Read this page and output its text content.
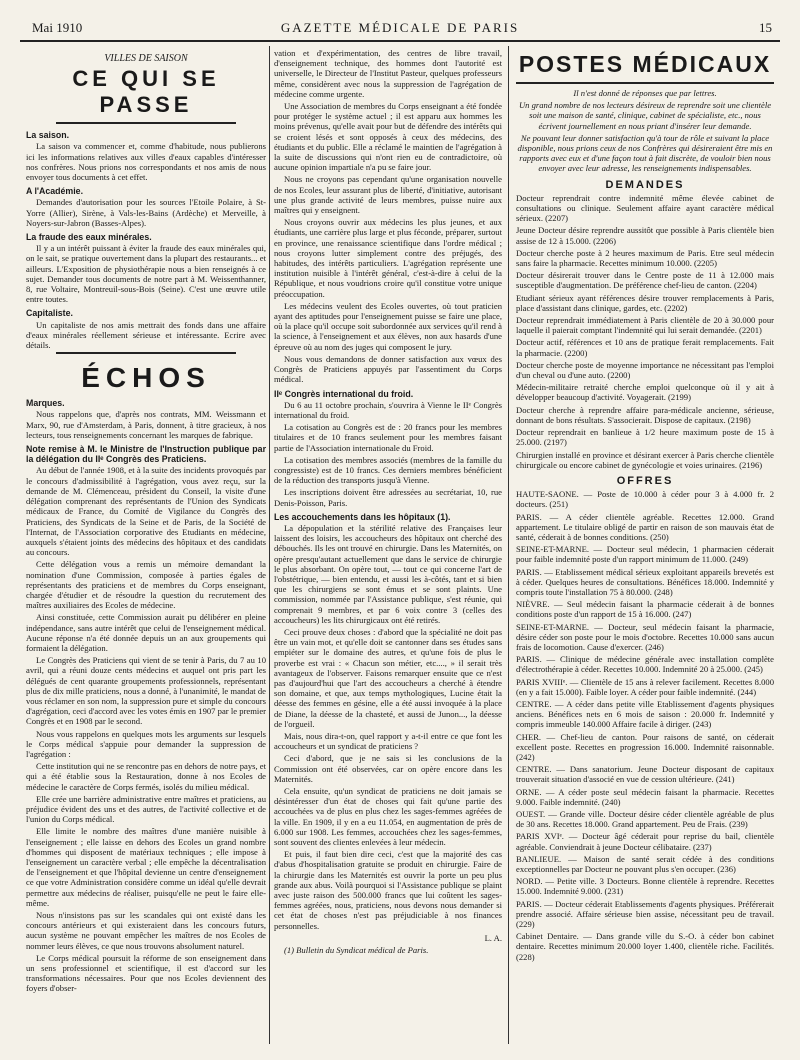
Mai 1910	GAZETTE MÉDICALE DE PARIS	15
VILLES DE SAISON
CE QUI SE PASSE
La saison.

La saison va commencer et, comme d'habitude, nous publierons ici les informations relatives aux villes d'eaux capables d'intéresser nos confrères. Nous prions nos correspondants et nos amis de nous envoyer tous documents à cet effet.

A l'Académie.

Demandes d'autorisation pour les sources l'Etoile Polaire, à St-Yorre (Allier), Sirène, à Vals-les-Bains (Ardèche) et Merveille, à Noyers-sur-Jabron (Basses-Alpes).

La fraude des eaux minérales.

Il y a un intérêt puissant à éviter la fraude des eaux minérales qui, on le sait, se pratique ouvertement dans la plupart des restaurants... et ailleurs. L'Exposition de physiothérapie nous a bien renseignés à ce sujet. Demander tous documents de notre part à M. Weissenthanner, 8, rue Voltaire, Montreuil-sous-Bois (Seine). C'est une œuvre utile entre toutes.

Capitaliste.

Un capitaliste de nos amis mettrait des fonds dans une affaire d'eaux minérales réellement sérieuse et intéressante. Ecrire avec détails.

ÉCHOS
Marques.

Nous rappelons que, d'après nos contrats, MM. Weissmann et Marx, 90, rue d'Amsterdam, à Paris, donnent, à titre gracieux, à nos lecteurs, tous renseignements concernant les marques de fabrique.

Note remise à M. le Ministre de l'Instruction publique par la délégation du IIᵉ Congrès des Praticiens.

Au début de l'année 1908, et à la suite des incidents provoqués par le concours d'admissibilité à l'agrégation, vous avez reçu, sur la demande de M. Clémenceau, président du Conseil, la visite d'une délégation comprenant des représentants de l'Union des Syndicats médicaux de France, du Comité de Vigilance du Congrès des Praticiens, des Syndicats de la Seine et de Paris, de la Société de l'Internat, de l'Association corporative des Etudiants en médecine, auxquels s'étaient joints des médecins des hôpitaux et des candidats au concours.

Cette délégation vous a remis un mémoire demandant la nomination d'une Commission, composée à parties égales de représentants des praticiens et de membres du Corps enseignant, chargée d'étudier et de résoudre la question du recrutement des maîtres auxiliaires des Ecoles de médecine.

Ainsi constituée, cette Commission aurait pu délibérer en pleine indépendance, sans autre intérêt que celui de l'enseignement médical. Aucune réponse n'a été donnée depuis un an aux groupements qui formaient la délégation.

Le Congrès des Praticiens qui vient de se tenir à Paris, du 7 au 10 avril, qui a réuni douze cents médecins et auquel ont pris part les délégués de cent quarante groupements professionnels, représentant plus de dix mille praticiens, nous a donné, à l'unanimité, le mandat de vous réclamer en son nom, la suppression pure et simple du concours d'agrégation, ceci d'accord avec les votes émis en 1907 par le premier Congrès et en 1908 par le second.

Nous vous rappelons en quelques mots les arguments sur lesquels le Corps médical s'appuie pour demander la suppression de l'agrégation :

Cette institution qui ne se rencontre pas en dehors de notre pays, et qui a été établie sous la Restauration, donne à nos Ecoles de médecine le caractère de Corps fermés, isolés du milieu médical.

Elle crée une barrière administrative entre maîtres et praticiens, au préjudice évident des uns et des autres, de l'activité collective et de l'union du Corps médical.

Elle limite le nombre des maîtres d'une manière nuisible à l'enseignement ; elle laisse en dehors des Ecoles un grand nombre d'hommes qui disposent de matériaux techniques ; elle impose à l'enseignement un caractère verbal ; elle empêche la décentralisation de l'enseignement et que l'hôpital devienne un centre d'enseignement ce que votre Administration considère comme un idéal qu'elle devrait permettre aux médecins de réaliser, puisqu'elle ne peut le faire elle-même.

Nous n'insistons pas sur les scandales qui ont existé dans les concours antérieurs et qui existeraient dans les concours futurs, aucun système ne pouvant empêcher les maîtres de nos Ecoles de nommer leurs élèves, ce que nous trouvons absolument naturel.

Le Corps médical poursuit la réforme de son enseignement dans un sens professionnel et scientifique, il est d'accord sur les transformations nécessaires. Pour que nos Ecoles deviennent des foyers d'obser-

vation et d'expérimentation, des centres de libre travail, d'enseignement technique, des hommes dont l'autorité est universelle, le Directeur de l'Institut Pasteur, quelques professeurs même, considèrent avec nous la suppression de l'agrégation de médecine comme urgente.

Une Association de membres du Corps enseignant a été fondée pour protéger le système actuel ; il est apparu aux hommes les moins prévenus, qu'elle avait pour but de défendre des intérêts qui se croient lésés et sont opposés à ceux des médecins, des étudiants et du public. Elle a réclamé le maintien de l'agrégation à la suite de discussions qui n'ont rien eu de contradictoire, où aucune opinion impartiale n'a pu se faire jour.

Nous ne croyons pas cependant qu'une organisation nouvelle de nos Ecoles, leur assurant plus de liberté, d'initiative, autorisant une plus grande activité de leurs membres, puisse nuire aux maîtres qui y enseignent.

Nous croyons ouvrir aux médecins les plus jeunes, et aux étudiants, une carrière plus large et plus féconde, préparer, surtout en province, une renaissance scientifique dans l'ordre médical ; nous croyons lutter simplement contre des préjugés, des habitudes, des intérêts particuliers. L'agrégation représente une institution nuisible à l'intérêt général, c'est-à-dire à celui de la République, et nous voudrions croire qu'il constitue votre unique préoccupation.

Les médecins veulent des Ecoles ouvertes, où tout praticien ayant des aptitudes pour l'enseignement puisse se faire une place, où la place qu'il occupe soit subordonnée aux services qu'il rend à la science, à l'enseignement et aux élèves, non aux hasards d'une épreuve où au nom des juges qui composent le jury.

Nous vous demandons de donner satisfaction aux vœux des Congrès de Praticiens appuyés par l'assentiment du Corps médical.

IIᵉ Congrès international du froid.

Du 6 au 11 octobre prochain, s'ouvrira à Vienne le IIᵉ Congrès international du froid.

La cotisation au Congrès est de : 20 francs pour les membres titulaires et de 10 francs seulement pour les membres faisant partie de l'Association internationale du Froid.

La cotisation des membres associés (membres de la famille du congressiste) est de 10 francs. Ces derniers membres bénéficient de la réduction des transports jusqu'à Vienne.

Les inscriptions doivent être adressées au secrétariat, 10, rue Denis-Poisson, Paris.

Les accouchements dans les hôpitaux (1).

La dépopulation et la stérilité relative des Françaises leur laissent des loisirs, les accoucheurs des hôpitaux ont cherché des débouchés. Ils les ont trouvé en chirurgie. Dans les Maternités, on opère presqu'autant actuellement que dans le service de chirurgie le plus absorbant. On opère tout, — tout ce qui concerne l'art de l'obstétrique, — bien entendu, et aussi les à-côtés, tant et si bien que les chirurgiens se sont émus et se sont plaints. Une commission, nommée par l'Assistance publique, s'est réunie, qui comprenait 9 membres, et par 6 voix contre 3 (celles des accoucheurs) les lits chirurgicaux ont été retirés.

Ceci prouve deux choses : d'abord que la spécialité ne doit pas être un vain mot, et qu'elle doit se cantonner dans ses études sans empiéter sur le domaine des autres, et qu'une fois de plus le proverbe est vrai : « Chacun son métier, etc...., » il serait très avantageux de l'observer. Faisons remarquer ensuite que ce n'est pas d'aujourd'hui que l'art des accoucheurs a cherché à étendre son domaine, et que, aux temps mythologiques, Lucine était la déesse des femmes en gésine, elle a été aussi invoquée à la place de Diane, la déesse de la chasteté, et aussi de Junon..., la déesse de l'orgueil.

Mais, nous dira-t-on, quel rapport y a-t-il entre ce que font les accoucheurs et un syndicat de praticiens ?

Ceci d'abord, que je ne sais si les conclusions de la Commission ont été observées, car on opère encore dans les Maternités.

Cela ensuite, qu'un syndicat de praticiens ne doit jamais se désintéresser d'un état de choses qui fait qu'une partie des accouchées va de plus en plus chez les sages-femmes agréées de la ville. En 1909, il y en a eu 11.054, en augmentation de près de 6.000 sur 1908. Les femmes, accouchées chez les sages-femmes, sont souvent des clientes enlevées à leur médecin.

Et puis, il faut bien dire ceci, c'est que la majorité des cas d'abus d'hospitalisation gratuite se produit en chirurgie. Faire de la chirurgie dans les Maternités est ouvrir la porte un peu plus grande aux abus. Voilà pourquoi si l'Assistance publique se plaint avec juste raison des 500.000 francs que lui coûtent les sages-femmes agréées, nous, praticiens, nous devons nous demander si cet état de choses n'est pas préjudiciable à nos finances personnelles.

L. A.

(1) Bulletin du Syndicat médical de Paris.

POSTES MÉDICAUX

Il n'est donné de réponses que par lettres.

Un grand nombre de nos lecteurs désireux de reprendre soit une clientèle soit une maison de santé, clinique, cabinet de spécialiste, etc., nous écrivent journellement en nous priant d'insérer leur demande.

Ne pouvant leur donner satisfaction qu'à tour de rôle et suivant la place disponible, nous prions ceux de nos Confrères qui désireraient être mis en rapports avec eux et d'une façon tout à fait discrète, de vouloir bien nous envoyer avec leur adresse, les renseignements indispensables.

DEMANDES

Docteur reprendrait contre indemnité même élevée cabinet de consultations ou clinique. Seulement affaire ayant caractère médical sérieux. (2207)

Jeune Docteur désire reprendre aussitôt que possible à Paris clientèle bien assise de 12 à 15.000. (2206)

Docteur cherche poste à 2 heures maximum de Paris. Etre seul médecin sans faire la pharmacie. Recettes minimum 10.000. (2205)

Docteur désirerait trouver dans le Centre poste de 11 à 12.000 mais susceptible d'augmentation. De préférence chef-lieu de canton. (2204)

Etudiant sérieux ayant références désire trouver remplacements à Paris, place d'assistant dans clinique, gardes, etc. (2202)

Docteur reprendrait immédiatement à Paris clientèle de 20 à 30.000 pour laquelle il paierait comptant l'indemnité qui lui serait demandée. (2201)

Docteur actif, références et 10 ans de pratique ferait remplacements. Fait la pharmacie. (2200)

Docteur cherche poste de moyenne importance ne nécessitant pas l'emploi d'un cheval ou d'une auto. (2200)

Médecin-militaire retraité cherche emploi quelconque où il y ait à développer beaucoup d'activité. Voyagerait. (2199)

Docteur cherche à reprendre affaire para-médicale ancienne, sérieuse, donnant de bons résultats. S'associerait. Dispose de capitaux. (2198)

Docteur reprendrait en banlieue à 1/2 heure maximum poste de 15 à 25.000. (2197)

Chirurgien installé en province et désirant exercer à Paris cherche clientèle chirurgicale ou encore cabinet de gynécologie et voies urinaires. (2196)

OFFRES

HAUTE-SAONE. — Poste de 10.000 à céder pour 3 à 4.000 fr. 2 docteurs. (251)

PARIS. — A céder clientèle agréable. Recettes 12.000. Grand appartement. Le titulaire obligé de partir en raison de son mauvais état de santé, céderait à de bonnes conditions. (250)

SEINE-ET-MARNE. — Docteur seul médecin, 1 pharmacien céderait pour faible indemnité poste d'un rapport minimum de 11.000. (249)

PARIS. — Etablissement médical sérieux exploitant appareils brevetés est à céder. Quelques heures de consultations. Bénéfices 18.000. Indemnité y compris toute l'installation 75 à 80.000. (248)

NIÈVRE. — Seul médecin faisant la pharmacie céderait à de bonnes conditions poste d'un rapport de 15 à 16.000. (247)

SEINE-ET-MARNE. — Docteur, seul médecin faisant la pharmacie, désire céder son poste pour le mois d'octobre. Recettes 10.000 sans aucun frais de locomotion. Cause d'exercer. (246)

PARIS. — Clinique de médecine générale avec installation complète d'électrothérapie à céder. Recettes 10.000. Indemnité 20 à 25.000. (245)

PARIS XVIIIᵉ. — Clientèle de 15 ans à relever facilement. Recettes 8.000 (en y a fait 15.000). Faible loyer. A céder pour faible indemnité. (244)

CENTRE. — A céder dans petite ville Etablissement d'agents physiques anciens. Bénéfices nets en 6 mois de saison : 20.000 fr. Indemnité y compris immeuble 140.000 Affaire facile à diriger. (243)

CHER. — Chef-lieu de canton. Pour raisons de santé, on céderait excellent poste. Recettes en progression 16.000. Indemnité raisonnable. (242)

CENTRE. — Dans sanatorium. Jeune Docteur disposant de capitaux trouverait situation d'associé en vue de cession ultérieure. (241)

ORNE. — A céder poste seul médecin faisant la pharmacie. Recettes 9.000. Faible indemnité. (240)

OUEST. — Grande ville. Docteur désire céder clientèle agréable de plus de 30 ans. Recettes 18.000. Grand appartement. Peu de Frais. (239)

PARIS XVIᵉ. — Docteur âgé céderait pour reprise du bail, clientèle agréable. Conviendrait à jeune Docteur célibataire. (237)

BANLIEUE. — Maison de santé serait cédée à des conditions exceptionnelles par Docteur ne pouvant plus s'en occuper. (236)

NORD. — Petite ville. 3 Docteurs. Bonne clientèle à reprendre. Recettes 15.000. Indemnité 9.000. (231)

PARIS. — Docteur céderait Etablissements d'agents physiques. Préférerait prendre associé. Affaire sérieuse bien assise, nécessitant peu de travail. (229)

Cabinet Dentaire. — Dans grande ville du S.-O. à céder bon cabinet dentaire. Recettes minimum 20.000 loyer 1.400, clientèle riche. Facilités. (228)
